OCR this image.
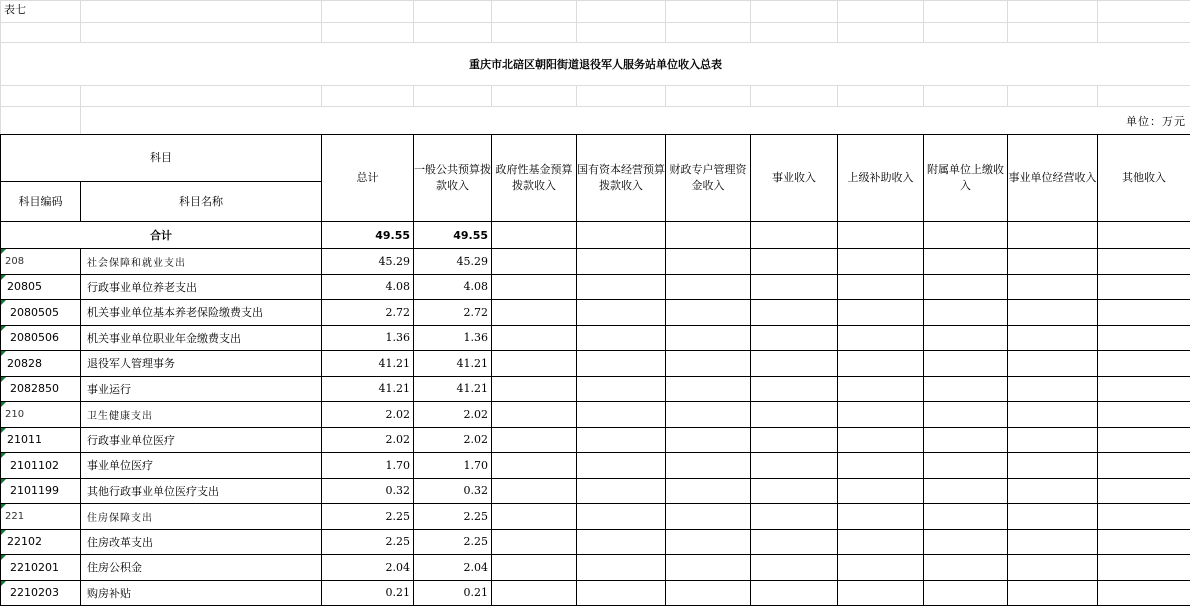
表七											

重庆市北碚区朝阳街道退役军人服务站单位收入总表											

	单位：万元										
科目		总计	一般公共预算拨款收入	政府性基金预算拨款收入	国有资本经营预算拨款收入	财政专户管理资金收入	事业收入	上级补助收入	附属单位上缴收入	事业单位经营收入	其他收入
科目编码	科目名称										
合计		49.55	49.55								

208	社会保障和就业支出	45.29	45.29								

20805	行政事业单位养老支出	4.08	4.08								

2080505	机关事业单位基本养老保险缴费支出	2.72	2.72								

2080506	机关事业单位职业年金缴费支出	1.36	1.36								

20828	退役军人管理事务	41.21	41.21								

2082850	事业运行	41.21	41.21								

210	卫生健康支出	2.02	2.02								

21011	行政事业单位医疗	2.02	2.02								

2101102	事业单位医疗	1.70	1.70								

2101199	其他行政事业单位医疗支出	0.32	0.32								

221	住房保障支出	2.25	2.25								

22102	住房改革支出	2.25	2.25								

2210201	住房公积金	2.04	2.04								

2210203	购房补贴	0.21	0.21								
